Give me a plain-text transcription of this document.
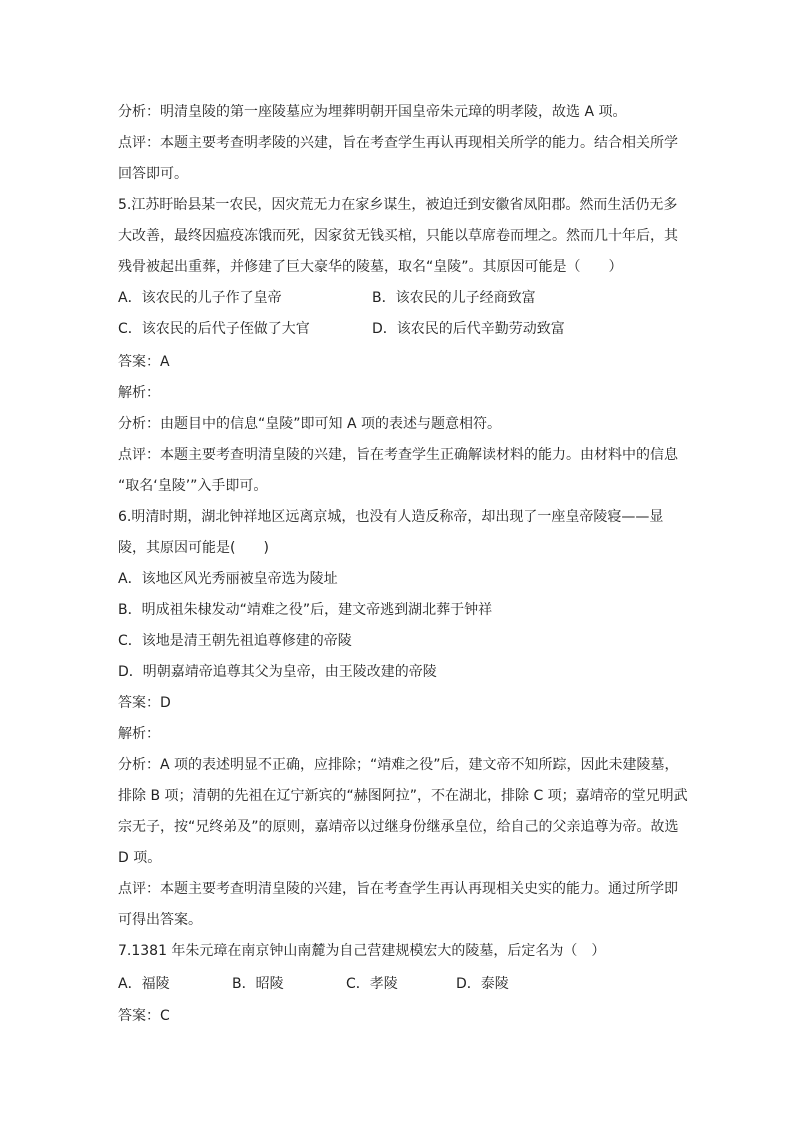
分析：明清皇陵的第一座陵墓应为埋葬明朝开国皇帝朱元璋的明孝陵，故选 A 项。
点评：本题主要考查明孝陵的兴建，旨在考查学生再认再现相关所学的能力。结合相关所学
回答即可。
5.江苏盱眙县某一农民，因灾荒无力在家乡谋生，被迫迁到安徽省凤阳郡。然而生活仍无多
大改善，最终因瘟疫冻饿而死，因家贫无钱买棺，只能以草席卷而埋之。然而几十年后，其
残骨被起出重葬，并修建了巨大豪华的陵墓，取名“皇陵”。其原因可能是（　　）
A．该农民的儿子作了皇帝	B．该农民的儿子经商致富
C．该农民的后代子侄做了大官	D．该农民的后代辛勤劳动致富
答案：A
解析：
分析：由题目中的信息“皇陵”即可知 A 项的表述与题意相符。
点评：本题主要考查明清皇陵的兴建，旨在考查学生正确解读材料的能力。由材料中的信息
“取名‘皇陵’”入手即可。
6.明清时期，湖北钟祥地区远离京城，也没有人造反称帝，却出现了一座皇帝陵寝——显
陵，其原因可能是(　　)
A．该地区风光秀丽被皇帝选为陵址
B．明成祖朱棣发动“靖难之役”后，建文帝逃到湖北葬于钟祥
C．该地是清王朝先祖追尊修建的帝陵
D．明朝嘉靖帝追尊其父为皇帝，由王陵改建的帝陵
答案：D
解析：
分析：A 项的表述明显不正确，应排除；“靖难之役”后，建文帝不知所踪，因此未建陵墓，
排除 B 项；清朝的先祖在辽宁新宾的“赫图阿拉”，不在湖北，排除 C 项；嘉靖帝的堂兄明武
宗无子，按“兄终弟及”的原则，嘉靖帝以过继身份继承皇位，给自己的父亲追尊为帝。故选
D 项。
点评：本题主要考查明清皇陵的兴建，旨在考查学生再认再现相关史实的能力。通过所学即
可得出答案。
7.1381 年朱元璋在南京钟山南麓为自己营建规模宏大的陵墓，后定名为（　）
A．福陵	B．昭陵	C．孝陵	D．泰陵
答案：C
